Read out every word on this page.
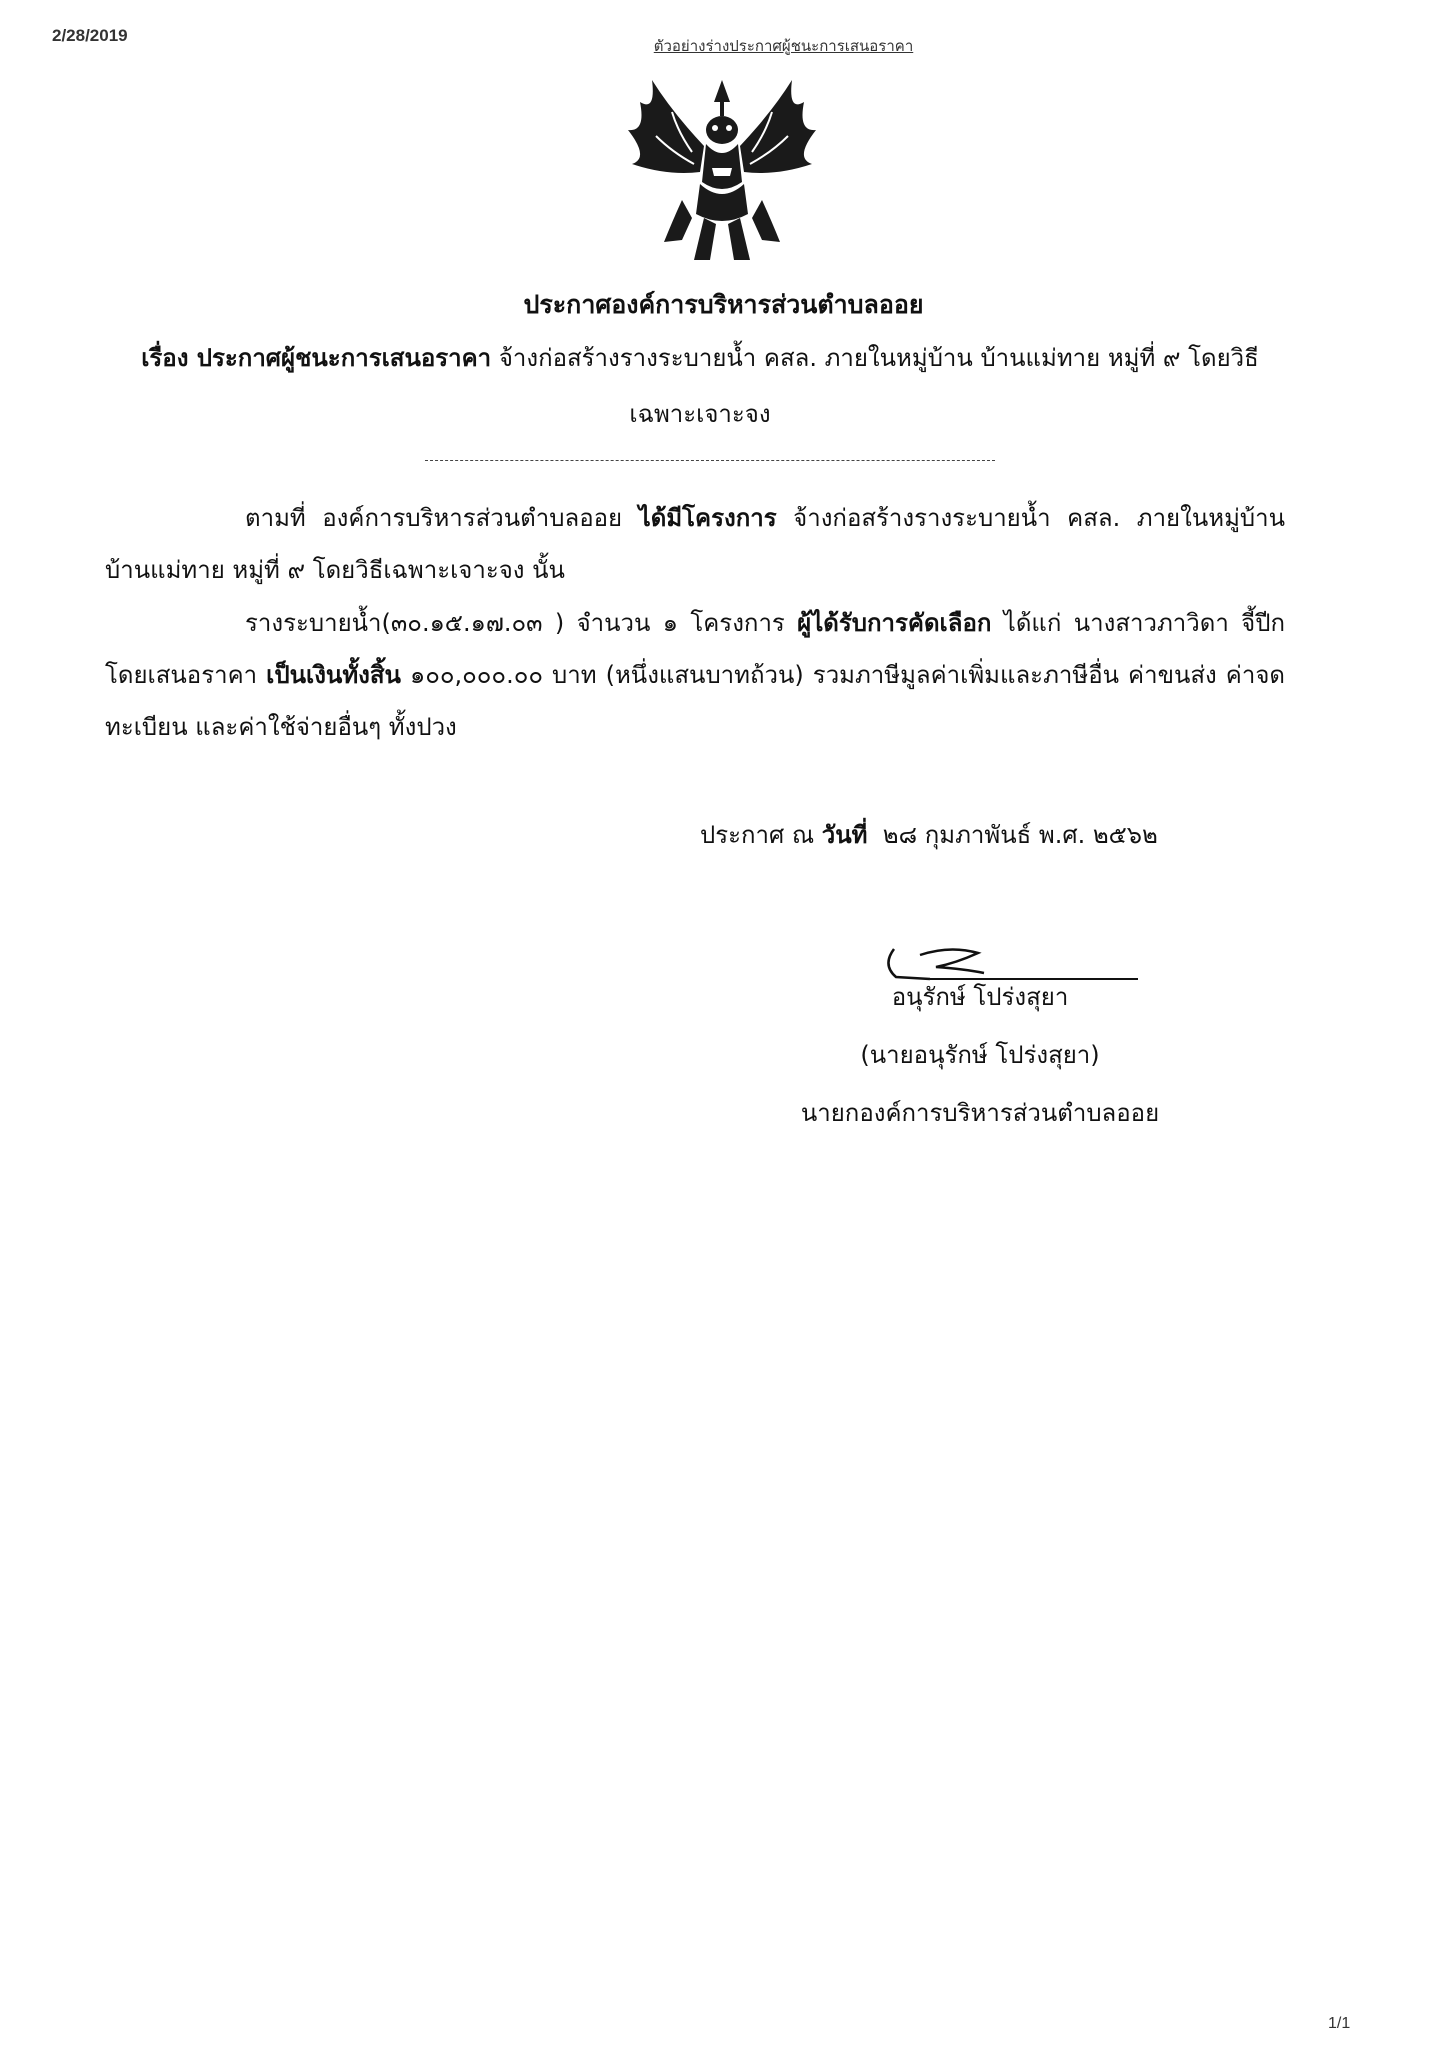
2/28/2019
ตัวอย่างร่างประกาศผู้ชนะการเสนอราคา
ประกาศองค์การบริหารส่วนตำบลออย
เรื่อง ประกาศผู้ชนะการเสนอราคา จ้างก่อสร้างรางระบายน้ำ คสล. ภายในหมู่บ้าน บ้านแม่ทาย หมู่ที่ ๙ โดยวิธีเฉพาะเจาะจง
ตามที่ องค์การบริหารส่วนตำบลออย ได้มีโครงการ จ้างก่อสร้างรางระบายน้ำ คสล. ภายในหมู่บ้าน บ้านแม่ทาย หมู่ที่ ๙ โดยวิธีเฉพาะเจาะจง นั้น
รางระบายน้ำ(๓๐.๑๕.๑๗.๐๓ ) จำนวน ๑ โครงการ ผู้ได้รับการคัดเลือก ได้แก่ นางสาวภาวิดา จี้ปีก โดยเสนอราคา เป็นเงินทั้งสิ้น ๑๐๐,๐๐๐.๐๐ บาท (หนึ่งแสนบาทถ้วน) รวมภาษีมูลค่าเพิ่มและภาษีอื่น ค่าขนส่ง ค่าจดทะเบียน และค่าใช้จ่ายอื่นๆ ทั้งปวง
ประกาศ ณ วันที่ ๒๘ กุมภาพันธ์ พ.ศ. ๒๕๖๒
อนุรักษ์ โปร่งสุยา
(นายอนุรักษ์ โปร่งสุยา)
นายกองค์การบริหารส่วนตำบลออย
1/1
